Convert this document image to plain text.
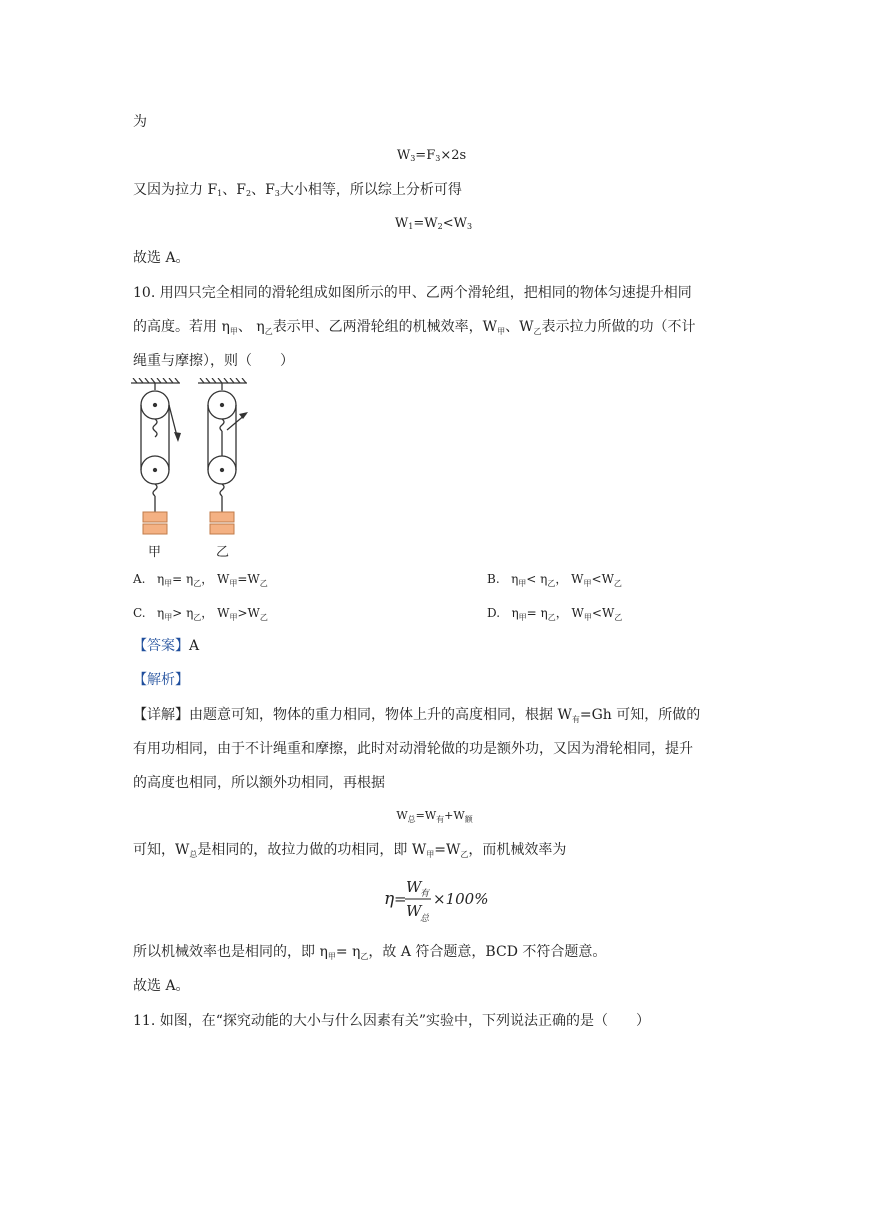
为
$W_3=F_3\times 2s$
又因为拉力 $F_1$、$F_2$、$F_3$大小相等，所以综上分析可得
$W_1=W_2<W_3$
故选 A。
10. 用四只完全相同的滑轮组成如图所示的甲、乙两个滑轮组，把相同的物体匀速提升相同
的高度。若用 $\eta_甲$、 $\eta_乙$表示甲、乙两滑轮组的机械效率，$W_甲$、$W_乙$表示拉力所做的功（不计
绳重与摩擦），则（　　）
甲	乙
A. $\eta_甲= \eta_乙$， $W_甲=W_乙$	B. $\eta_甲< \eta_乙$， $W_甲<W_乙$
C. $\eta_甲> \eta_乙$， $W_甲>W_乙$	D. $\eta_甲= \eta_乙$， $W_甲<W_乙$
【答案】A
【解析】
【详解】由题意可知，物体的重力相同，物体上升的高度相同，根据 $W_有=Gh$ 可知，所做的
有用功相同，由于不计绳重和摩擦，此时对动滑轮做的功是额外功，又因为滑轮相同，提升
的高度也相同，所以额外功相同，再根据
$W_总=W_有+W_额$
可知，$W_总$是相同的，故拉力做的功相同，即 $W_甲=W_乙$，而机械效率为
η =
W
有
W
总
×100%
所以机械效率也是相同的，即 $\eta_甲= \eta_乙$，故 A 符合题意，BCD 不符合题意。
故选 A。
11. 如图，在“探究动能的大小与什么因素有关”实验中，下列说法正确的是（　　）
